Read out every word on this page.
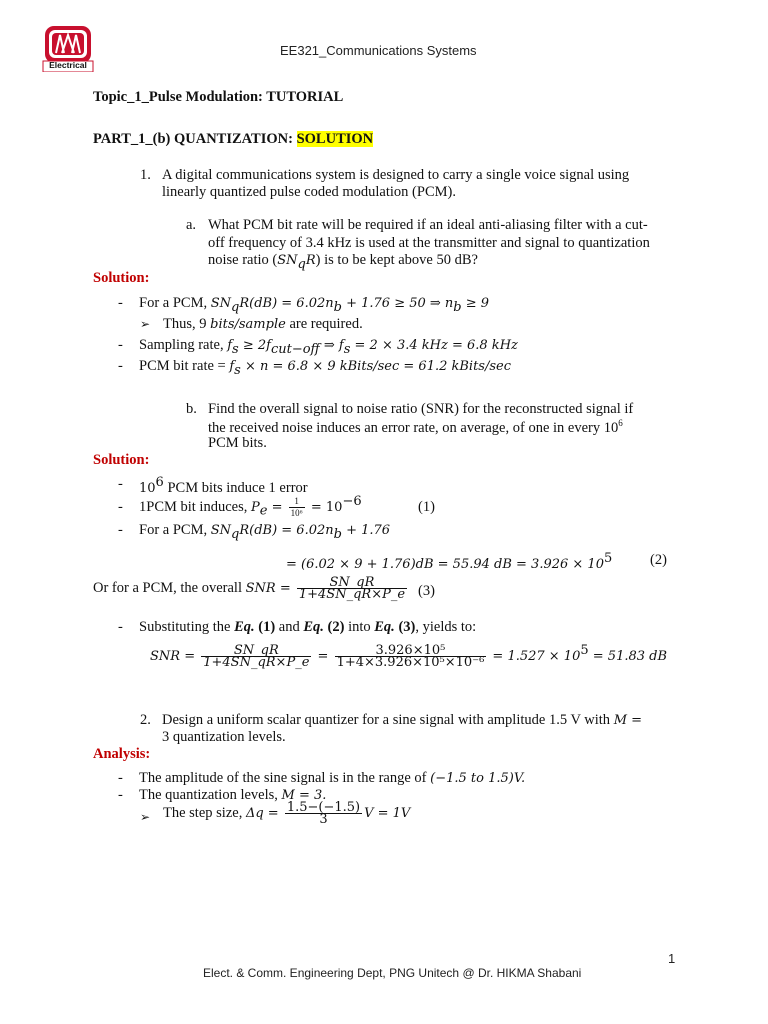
Electrical
EE321_Communications Systems
Topic_1_Pulse Modulation: TUTORIAL
PART_1_(b) QUANTIZATION: SOLUTION
1. A digital communications system is designed to carry a single voice signal using
linearly quantized pulse coded modulation (PCM).
a. What PCM bit rate will be required if an ideal anti-aliasing filter with a cut-
off frequency of 3.4 kHz is used at the transmitter and signal to quantization
noise ratio $(SN_qR)$ is to be kept above 50 dB?
Solution:
- For a PCM, $SN_qR(dB) = 6.02n_b + 1.76 \ge 50$ ⇒ $n_b \ge 9$
➢ Thus, 9 bits/sample are required.
- Sampling rate, $f_s \ge 2f_{cut-off}$ ⇒ $f_s = 2 \times 3.4$ kHz = 6.8 kHz
- PCM bit rate = $f_s \times n = 6.8 \times 9$ kBits/sec = 61.2 kBits/sec
b. Find the overall signal to noise ratio (SNR) for the reconstructed signal if
the received noise induces an error rate, on average, of one in every $10^6$
PCM bits.
Solution:
- $10^6$ PCM bits induce 1 error
- 1PCM bit induces, $P_e = \frac{1}{\text{10⁶}} = 10^{-6}$	(1)
- For a PCM, $SN_qR(dB) = 6.02n_b + 1.76$
= (6.02 × 9 + 1.76)dB = 55.94 dB = $3.926 \times 10^5$	(2)
Or for a PCM, the overall SNR = $\frac{SN\_qR}{1+4SN\_qR\times P\_e} (3)$
- Substituting the Eq. (1) and Eq. (2) into Eq. (3), yields to:
SNR = $\frac{SN\_qR}{1+4SN\_qR\times P\_e} = \frac{\text{3.926×10⁵}}{\text{1+4×3.926×10⁵×10⁻⁶}} = 1.527 \times 10^5 = 51.83$ dB
2. Design a uniform scalar quantizer for a sine signal with amplitude 1.5 V with M =
3 quantization levels.
Analysis:
- The amplitude of the sine signal is in the range of (−1.5 to 1.5)V.
- The quantization levels, M = 3.
➢ The step size, $\Delta q = \frac{1.5-(-1.5)}{3}$ V = 1V
1
Elect. & Comm. Engineering Dept, PNG Unitech @ Dr. HIKMA Shabani
